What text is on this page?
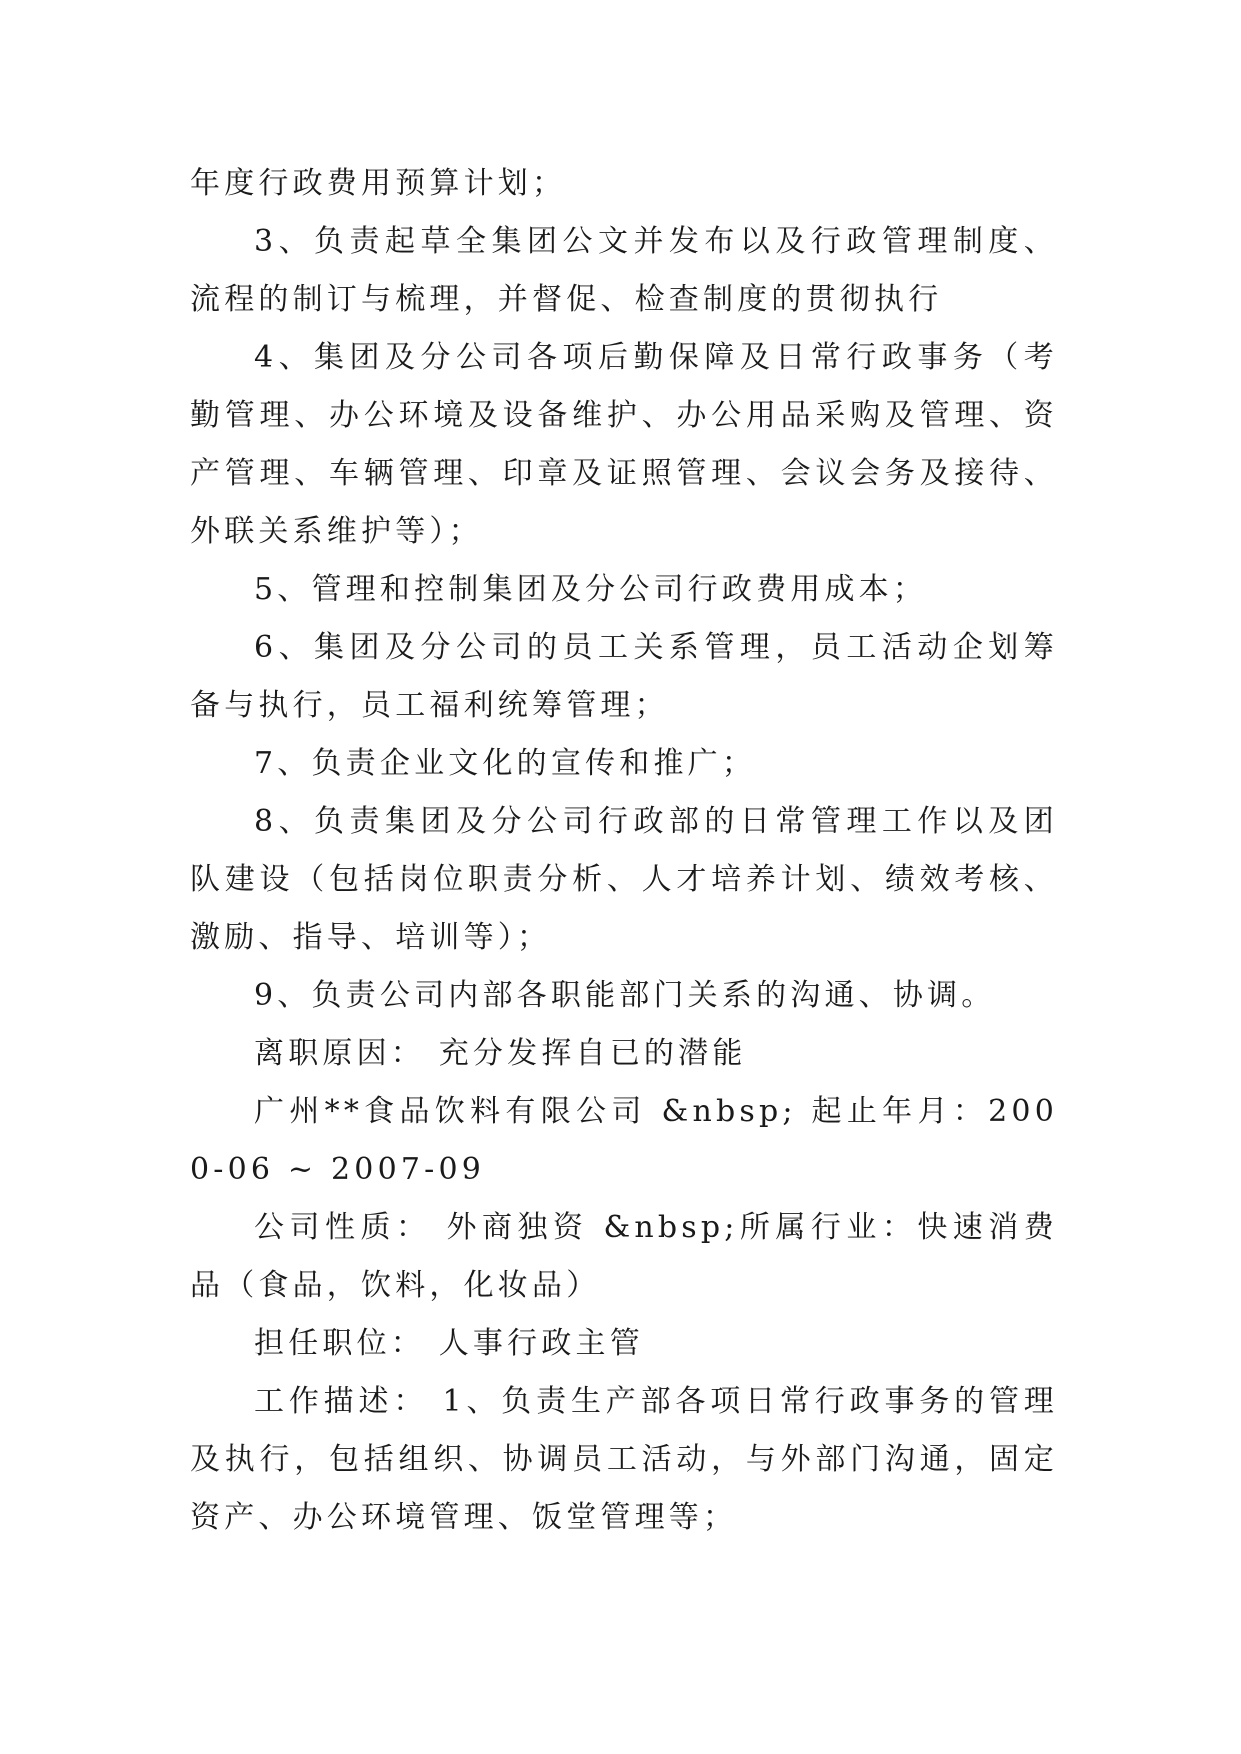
年度行政费用预算计划；

3、负责起草全集团公文并发布以及行政管理制度、流程的制订与梳理，并督促、检查制度的贯彻执行

4、集团及分公司各项后勤保障及日常行政事务（考勤管理、办公环境及设备维护、办公用品采购及管理、资产管理、车辆管理、印章及证照管理、会议会务及接待、外联关系维护等）；

5、管理和控制集团及分公司行政费用成本；

6、集团及分公司的员工关系管理，员工活动企划筹备与执行，员工福利统筹管理；

7、负责企业文化的宣传和推广；

8、负责集团及分公司行政部的日常管理工作以及团队建设（包括岗位职责分析、人才培养计划、绩效考核、激励、指导、培训等）；

9、负责公司内部各职能部门关系的沟通、协调。

离职原因： 充分发挥自已的潜能

广州**食品饮料有限公司 &nbsp; 起止年月：2000-06 ~ 2007-09

公司性质： 外商独资 &nbsp;所属行业：快速消费品（食品，饮料，化妆品）

担任职位： 人事行政主管

工作描述： 1、负责生产部各项日常行政事务的管理及执行，包括组织、协调员工活动，与外部门沟通，固定资产、办公环境管理、饭堂管理等；
